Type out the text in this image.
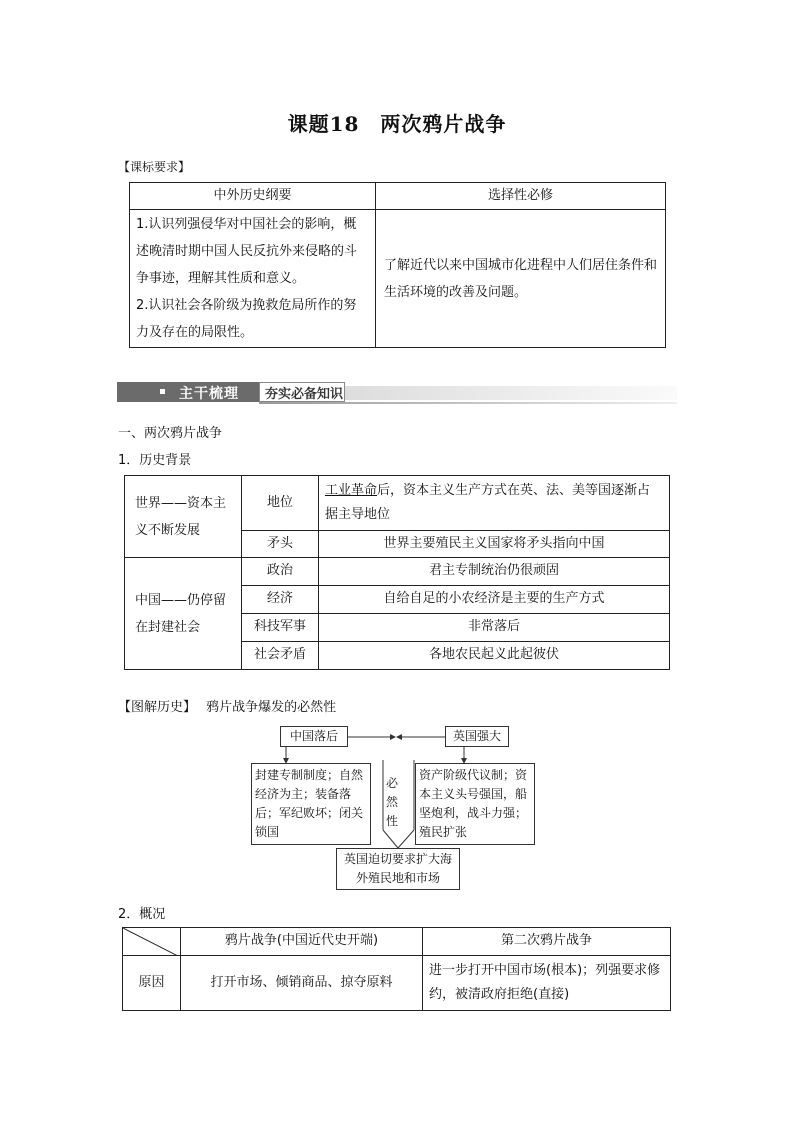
课题18　两次鸦片战争
【课标要求】
中外历史纲要	选择性必修

1.认识列强侵华对中国社会的影响，概述晚清时期中国人民反抗外来侵略的斗争事迹，理解其性质和意义。
2.认识社会各阶级为挽救危局所作的努力及存在的局限性。	了解近代以来中国城市化进程中人们居住条件和生活环境的改善及问题。
主干梳理 夯实必备知识
一、两次鸦片战争
1．历史背景
世界——资本主义不断发展	地位	工业革命后，资本主义生产方式在英、法、美等国逐渐占据主导地位
	矛头	世界主要殖民主义国家将矛头指向中国
中国——仍停留在封建社会	政治	君主专制统治仍很顽固
	经济	自给自足的小农经济是主要的生产方式
	科技军事	非常落后
	社会矛盾	各地农民起义此起彼伏
【图解历史】 鸦片战争爆发的必然性
中国落后	英国强大
封建专制制度；自然经济为主；装备落后；军纪败坏；闭关锁国
资产阶级代议制；资本主义头号强国，船坚炮利，战斗力强；殖民扩张
必然性
英国迫切要求扩大海外殖民地和市场
2．概况
	鸦片战争(中国近代史开端)	第二次鸦片战争
原因	打开市场、倾销商品、掠夺原料	进一步打开中国市场(根本)；列强要求修约，被清政府拒绝(直接)
